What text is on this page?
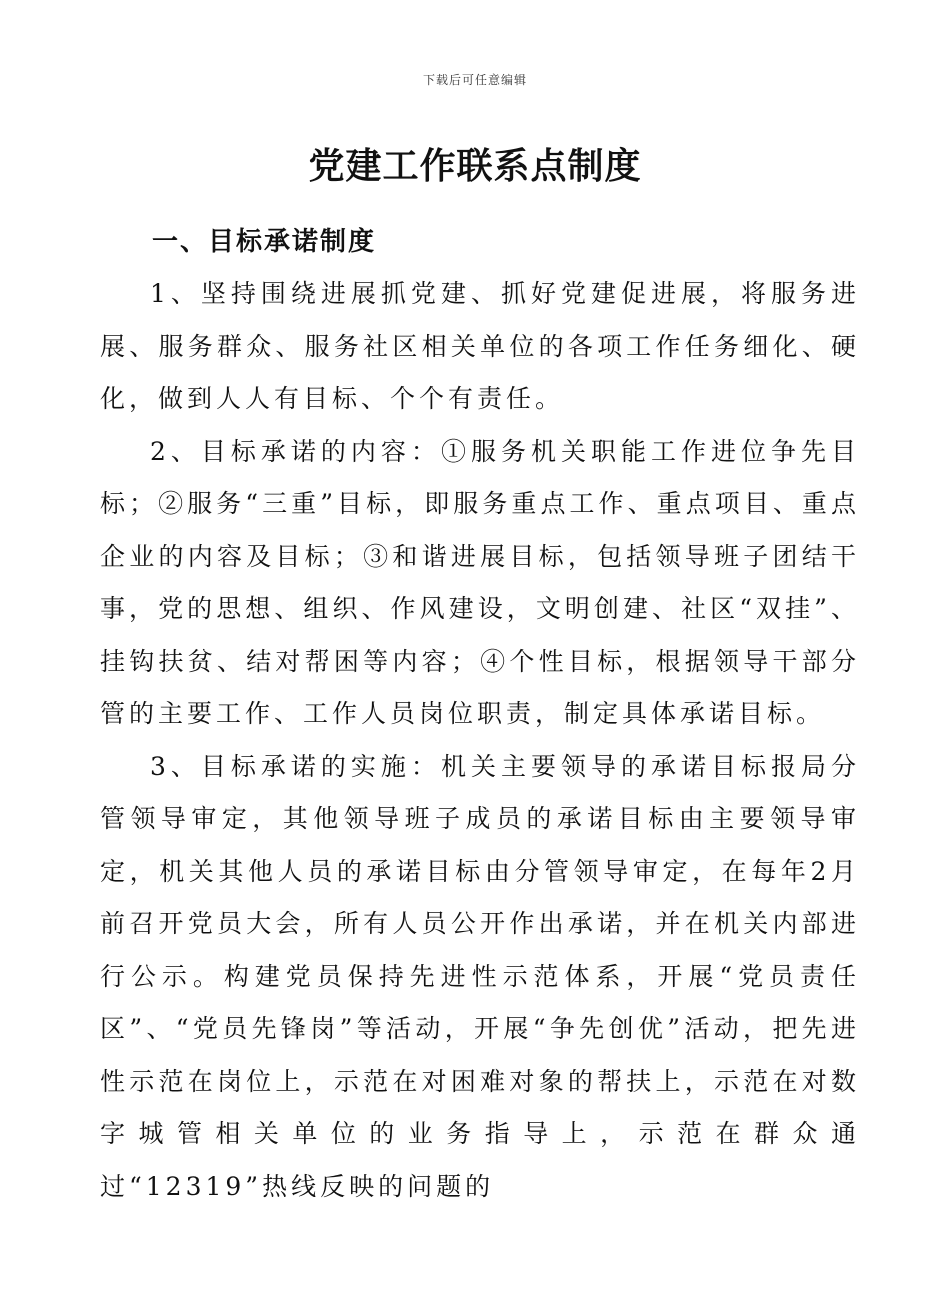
下载后可任意编辑
党建工作联系点制度
一、目标承诺制度

1、坚持围绕进展抓党建、抓好党建促进展，将服务进展、服务群众、服务社区相关单位的各项工作任务细化、硬化，做到人人有目标、个个有责任。

2、目标承诺的内容：①服务机关职能工作进位争先目标；②服务“三重”目标，即服务重点工作、重点项目、重点企业的内容及目标；③和谐进展目标，包括领导班子团结干事，党的思想、组织、作风建设，文明创建、社区“双挂”、挂钩扶贫、结对帮困等内容；④个性目标，根据领导干部分管的主要工作、工作人员岗位职责，制定具体承诺目标。

3、目标承诺的实施：机关主要领导的承诺目标报局分管领导审定，其他领导班子成员的承诺目标由主要领导审定，机关其他人员的承诺目标由分管领导审定，在每年2月前召开党员大会，所有人员公开作出承诺，并在机关内部进行公示。构建党员保持先进性示范体系，开展“党员责任区”、“党员先锋岗”等活动，开展“争先创优”活动，把先进性示范在岗位上，示范在对困难对象的帮扶上，示范在对数字城管相关单位的业务指导上，示范在群众通过“12319”热线反映的问题的
